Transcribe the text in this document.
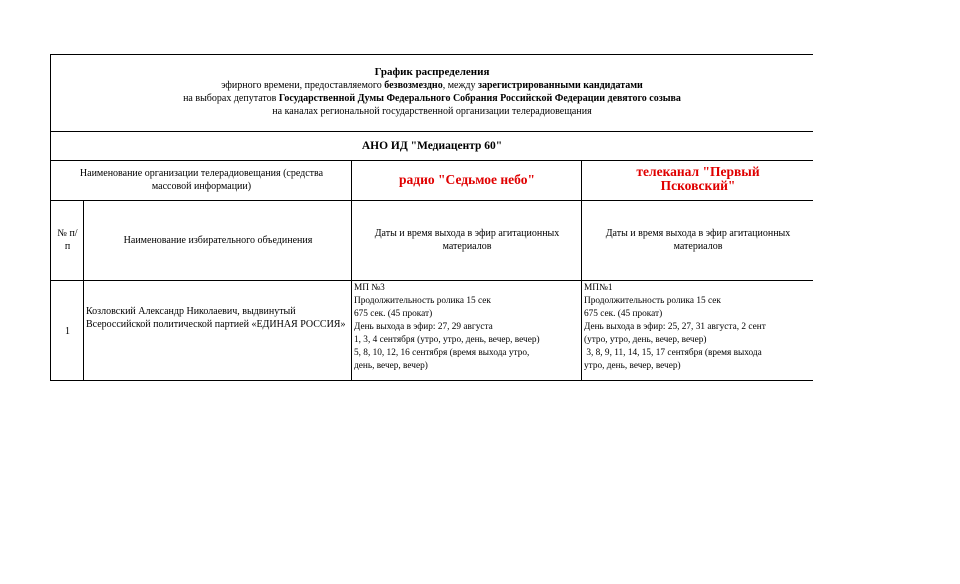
График распределения
эфирного времени, предоставляемого безвозмездно, между зарегистрированными кандидатами
на выборах депутатов Государственной Думы Федерального Собрания Российской Федерации девятого созыва
на каналах региональной государственной организации телерадиовещания
АНО ИД "Медиацентр 60"
Наименование организации телерадиовещания (средства массовой информации)	радио "Седьмое небо"
телеканал "Первый Псковский"
№ п/п
Наименование избирательного объединения
Даты и время выхода в эфир агитационных материалов
Даты и время выхода в эфир агитационных материалов
1
Козловский Александр Николаевич, выдвинутый Всероссийской политической партией «ЕДИНАЯ РОССИЯ»
МП №3
Продолжительность ролика 15 сек
675 сек. (45 прокат)
День выхода в эфир: 27, 29 августа
1, 3, 4 сентября (утро, утро, день, вечер, вечер)
5, 8, 10, 12, 16 сентября (время выхода утро,
день, вечер, вечер)
МП№1
Продолжительность ролика 15 сек
675 сек. (45 прокат)
День выхода в эфир: 25, 27, 31 августа, 2 сент
(утро, утро, день, вечер, вечер)
3, 8, 9, 11, 14, 15, 17 сентября (время выхода
утро, день, вечер, вечер)
